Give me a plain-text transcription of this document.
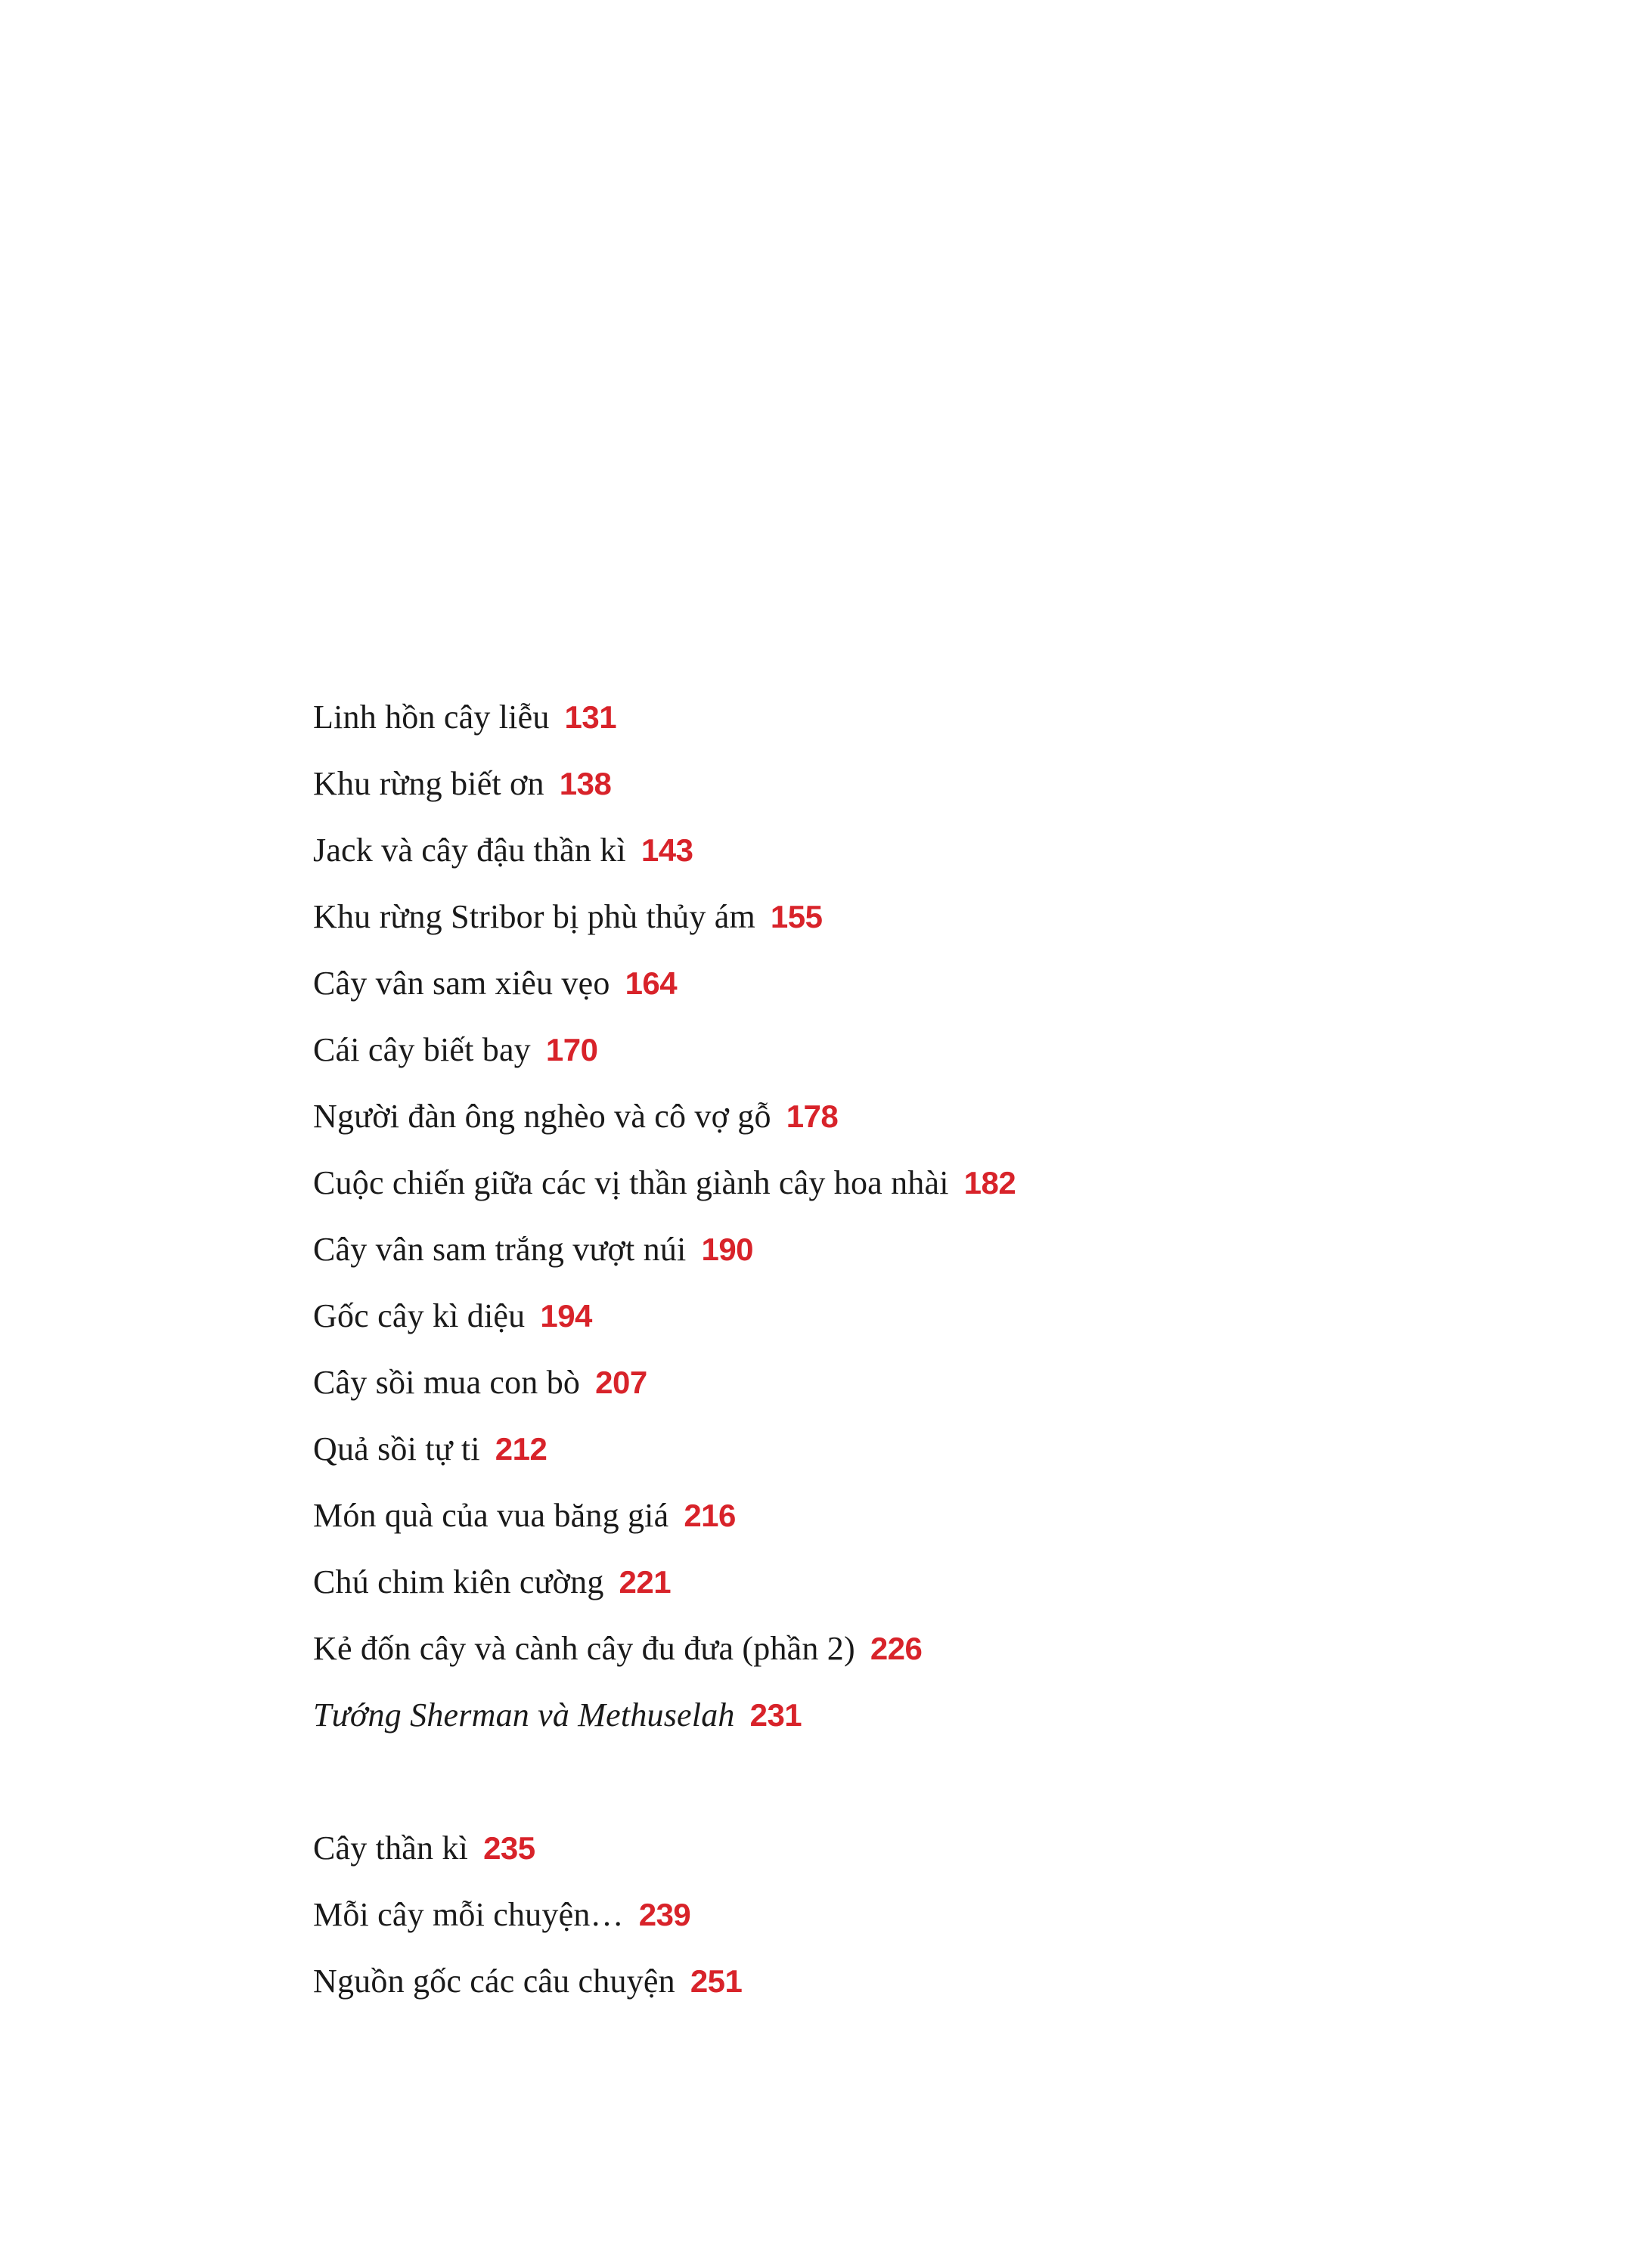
Linh hồn cây liễu 131
Khu rừng biết ơn 138
Jack và cây đậu thần kì 143
Khu rừng Stribor bị phù thủy ám 155
Cây vân sam xiêu vẹo 164
Cái cây biết bay 170
Người đàn ông nghèo và cô vợ gỗ 178
Cuộc chiến giữa các vị thần giành cây hoa nhài 182
Cây vân sam trắng vượt núi 190
Gốc cây kì diệu 194
Cây sồi mua con bò 207
Quả sồi tự ti 212
Món quà của vua băng giá 216
Chú chim kiên cường 221
Kẻ đốn cây và cành cây đu đưa (phần 2) 226
Tướng Sherman và Methuselah 231
Cây thần kì 235
Mỗi cây mỗi chuyện… 239
Nguồn gốc các câu chuyện 251
